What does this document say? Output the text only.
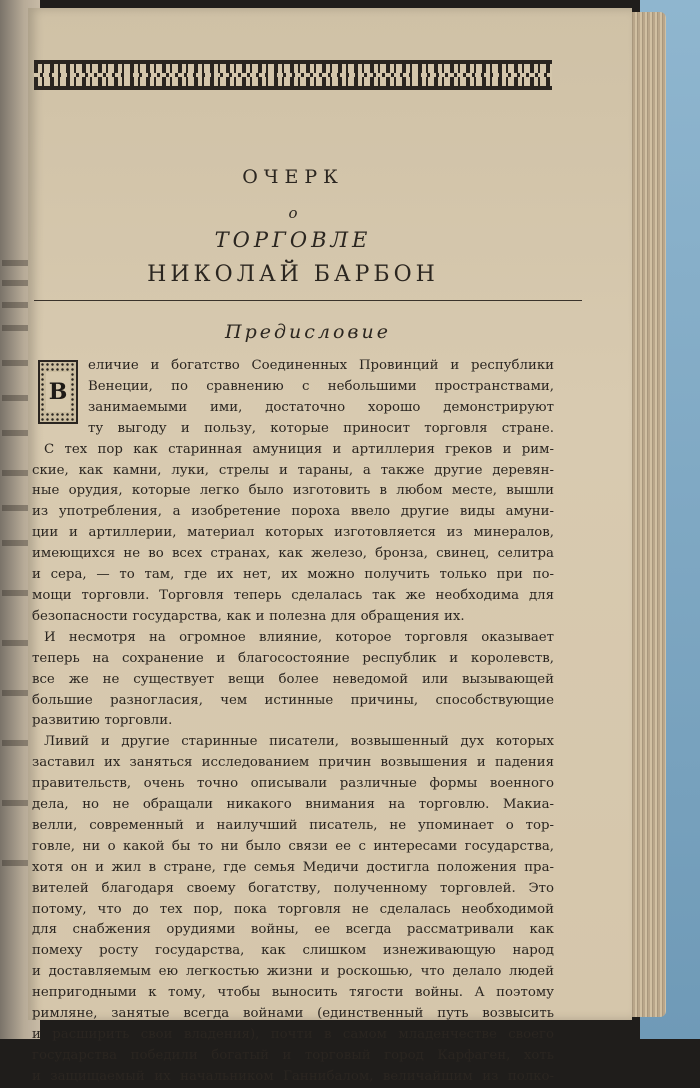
ОЧЕРК
о
ТОРГОВЛЕ
НИКОЛАЙ БАРБОН
Предисловие
В
еличие и богатство Соединенных Провинций и республики
Венеции, по сравнению с небольшими пространствами,
занимаемыми ими, достаточно хорошо демонстрируют
ту выгоду и пользу, которые приносит торговля стране.
С тех пор как старинная амуниция и артиллерия греков и рим-
ские, как камни, луки, стрелы и тараны, а также другие деревян-
ные орудия, которые легко было изготовить в любом месте, вышли
из употребления, а изобретение пороха ввело другие виды амуни-
ции и артиллерии, материал которых изготовляется из минералов,
имеющихся не во всех странах, как железо, бронза, свинец, селитра
и сера, — то там, где их нет, их можно получить только при по-
мощи торговли. Торговля теперь сделалась так же необходима для
безопасности государства, как и полезна для обращения их.
И несмотря на огромное влияние, которое торговля оказывает
теперь на сохранение и благосостояние республик и королевств,
все же не существует вещи более неведомой или вызывающей
большие разногласия, чем истинные причины, способствующие
развитию торговли.
Ливий и другие старинные писатели, возвышенный дух которых
заставил их заняться исследованием причин возвышения и падения
правительств, очень точно описывали различные формы военного
дела, но не обращали никакого внимания на торговлю. Макиа-
велли, современный и наилучший писатель, не упоминает о тор-
говле, ни о какой бы то ни было связи ее с интересами государства,
хотя он и жил в стране, где семья Медичи достигла положения пра-
вителей благодаря своему богатству, полученному торговлей. Это
потому, что до тех пор, пока торговля не сделалась необходимой
для снабжения орудиями войны, ее всегда рассматривали как
помеху росту государства, как слишком изнеживающую народ
и доставляемым ею легкостью жизни и роскошью, что делало людей
непригодными к тому, чтобы выносить тягости войны. А поэтому
римляне, занятые всегда войнами (единственный путь возвысить
и расширить свои владения), почти в самом младенчестве своего
государства победили богатый и торговый город Карфаген, хоть
и защищаемый их начальником Ганнибалом, величайшим из полко-
